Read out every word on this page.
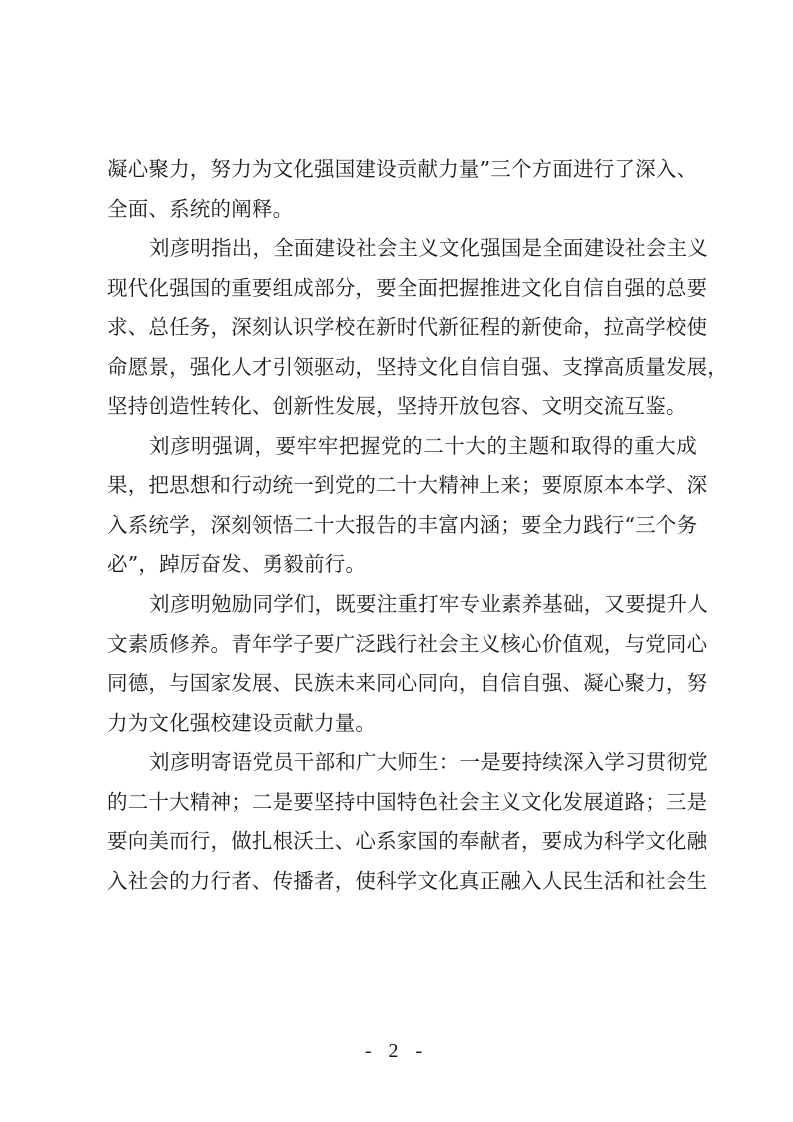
凝心聚力，努力为文化强国建设贡献力量”三个方面进行了深入、
全面、系统的阐释。
刘彦明指出，全面建设社会主义文化强国是全面建设社会主义
现代化强国的重要组成部分，要全面把握推进文化自信自强的总要
求、总任务，深刻认识学校在新时代新征程的新使命，拉高学校使
命愿景，强化人才引领驱动，坚持文化自信自强、支撑高质量发展，
坚持创造性转化、创新性发展，坚持开放包容、文明交流互鉴。
刘彦明强调，要牢牢把握党的二十大的主题和取得的重大成
果，把思想和行动统一到党的二十大精神上来；要原原本本学、深
入系统学，深刻领悟二十大报告的丰富内涵；要全力践行“三个务
必”，踔厉奋发、勇毅前行。
刘彦明勉励同学们，既要注重打牢专业素养基础，又要提升人
文素质修养。青年学子要广泛践行社会主义核心价值观，与党同心
同德，与国家发展、民族未来同心同向，自信自强、凝心聚力，努
力为文化强校建设贡献力量。
刘彦明寄语党员干部和广大师生：一是要持续深入学习贯彻党
的二十大精神；二是要坚持中国特色社会主义文化发展道路；三是
要向美而行，做扎根沃土、心系家国的奉献者，要成为科学文化融
入社会的力行者、传播者，使科学文化真正融入人民生活和社会生
- 2 -
